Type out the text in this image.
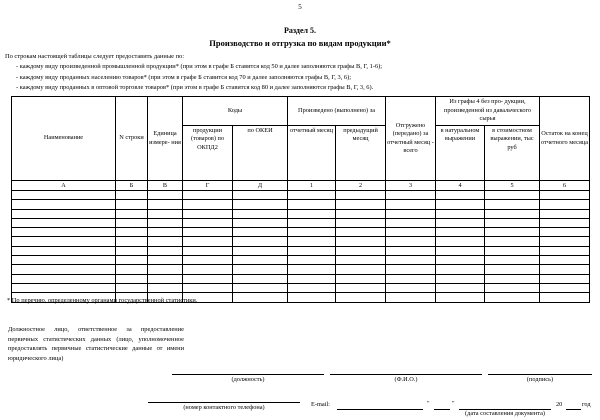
5
Раздел 5.
Производство и отгрузка по видам продукции*

По строкам настоящей таблицы следует предоставить данные по:

- каждому виду произведенной промышленной продукции* (при этом в графе Б ставится код 50 и далее заполняются графы В, Г, 1-6);

- каждому виду проданных населению товаров* (при этом в графе Б ставится код 70 и далее заполняются графы В, Г, 3, 6);

- каждому виду проданных в оптовой торговле товаров* (при этом в графе Б ставится код 80 и далее заполняются графы В, Г, 3, 6).

Наименование	N строки	Единица измере- ния	Коды		Произведено (выполнено) за		Отгружено (передано) за отчетный месяц - всего	Из графы 4 без про- дукции, произведенной из давальческого сырья		Остаток на конец отчетного месяца
			продукции (товаров) по ОКПД2	по ОКЕИ	отчетный месяц	предыдущий месяц		в натуральном выражении	в стоимостном выражении, тыс руб	
А	Б	В	Г	Д	1	2	3	4	5	6

* По перечню, определенному органами государственной статистики.
Должностное лицо, ответственное за предоставление первичных статистических данных (лицо, уполномоченное предоставлять первичные статистические данные от имени юридического лица)
(должность)	(Ф.И.О.)	(подпись)
(номер контактного телефона)	E-mail:	"	"
(дата составления документа)
20	год
